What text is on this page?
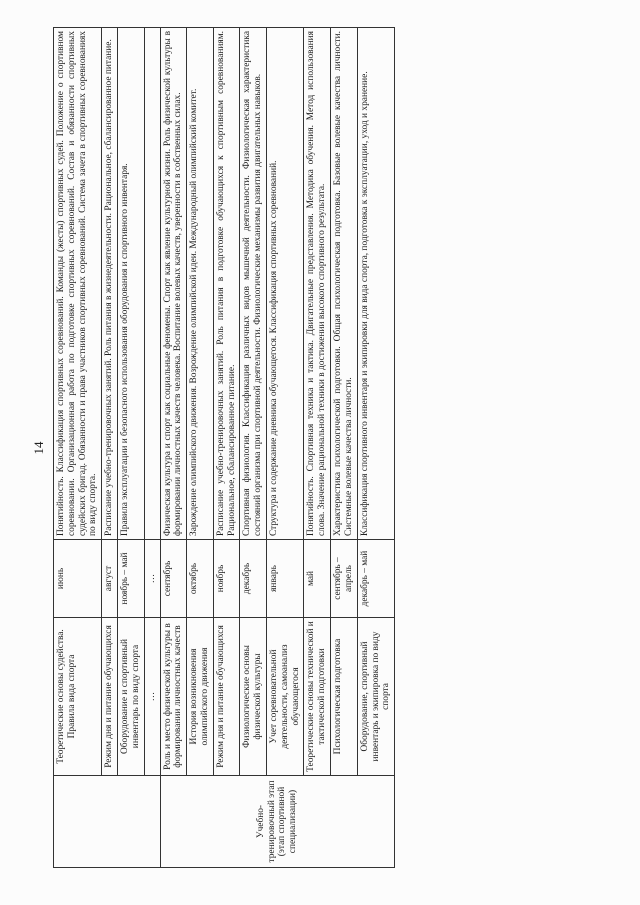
14
	Теоретические основы судейства. Правила вида спорта	июнь	Понятийность. Классификация спортивных соревнований. Команды (жесты) спортивных судей. Положение о спортивном соревновании. Организационная работа по подготовке спортивных соревнований. Состав и обязанности спортивных судейских бригад. Обязанности и права участников спортивных соревнований. Система зачета в спортивных соревнованиях по виду спорта.
	Режим дня и питание обучающихся	август	Расписание учебно-тренировочных занятий. Роль питания в жизнедеятельности. Рациональное, сбалансированное питание.
	Оборудование и спортивный инвентарь по виду спорта	ноябрь – май	Правила эксплуатации и безопасного использования оборудования и спортивного инвентаря.
	…	…	
Учебно-тренировочный этап (этап спортивной специализации)	Роль и место физической культуры в формировании личностных качеств	сентябрь	Физическая культура и спорт как социальные феномены. Спорт как явление культурной жизни. Роль физической культуры в формировании личностных качеств человека. Воспитание волевых качеств, уверенности в собственных силах.
	История возникновения олимпийского движения	октябрь	Зарождение олимпийского движения. Возрождение олимпийской идеи. Международный олимпийский комитет.
	Режим дня и питание обучающихся	ноябрь	Расписание учебно-тренировочных занятий. Роль питания в подготовке обучающихся к спортивным соревнованиям. Рациональное, сбалансированное питание.
	Физиологические основы физической культуры	декабрь	Спортивная физиология. Классификация различных видов мышечной деятельности. Физиологическая характеристика состояний организма при спортивной деятельности. Физиологические механизмы развития двигательных навыков.
	Учет соревновательной деятельности, самоанализ обучающегося	январь	Структура и содержание дневника обучающегося. Классификация спортивных соревнований.
	Теоретические основы технической и тактической подготовки	май	Понятийность. Спортивная техника и тактика. Двигательные представления. Методика обучения. Метод использования слова. Значение рациональной техники в достижении высокого спортивного результата.
	Психологическая подготовка	сентябрь – апрель	Характеристика психологической подготовки. Общая психологическая подготовка. Базовые волевые качества личности. Системные волевые качества личности.
	Оборудование, спортивный инвентарь и экипировка по виду спорта	декабрь – май	Классификация спортивного инвентаря и экипировки для вида спорта, подготовка к эксплуатации, уход и хранение.
